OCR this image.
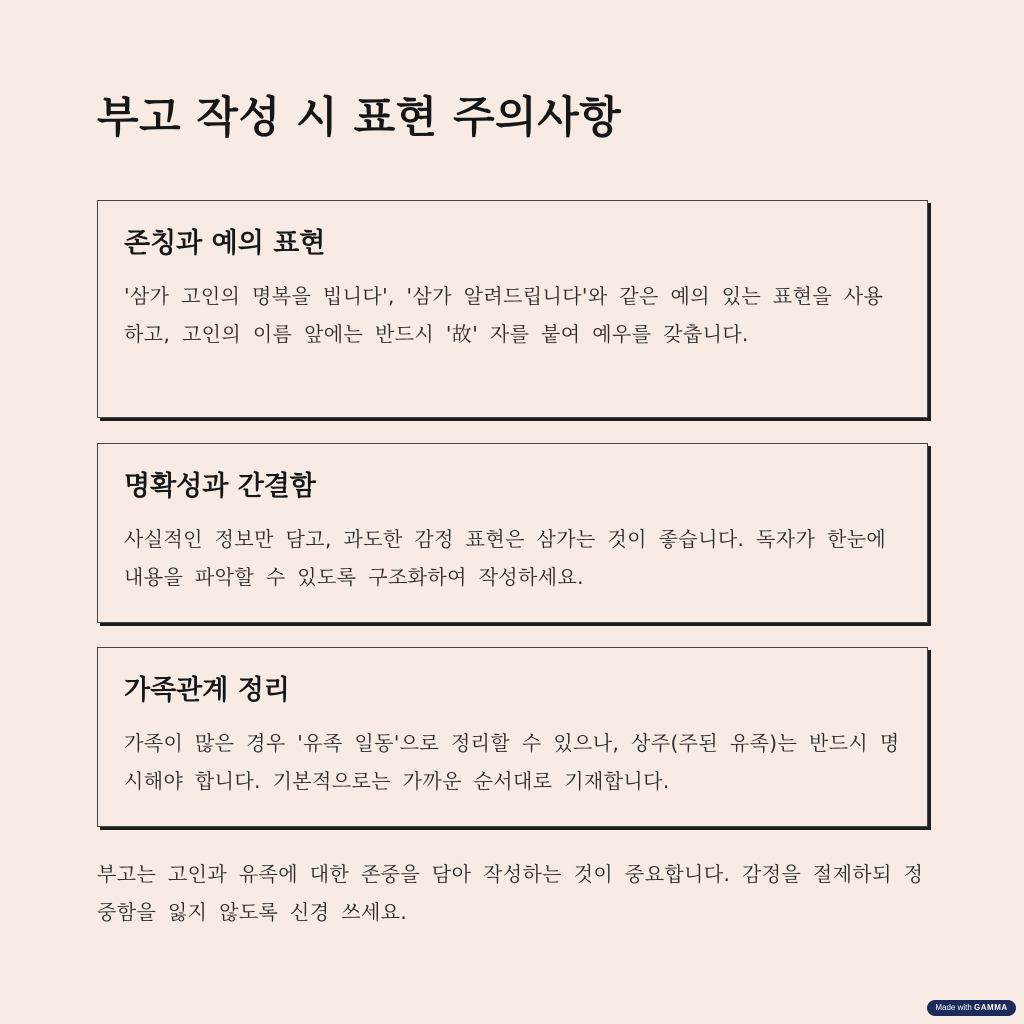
부고 작성 시 표현 주의사항
존칭과 예의 표현

'삼가 고인의 명복을 빕니다', '삼가 알려드립니다'와 같은 예의 있는 표현을 사용하고, 고인의 이름 앞에는 반드시 '故' 자를 붙여 예우를 갖춥니다.

명확성과 간결함

사실적인 정보만 담고, 과도한 감정 표현은 삼가는 것이 좋습니다. 독자가 한눈에 내용을 파악할 수 있도록 구조화하여 작성하세요.

가족관계 정리

가족이 많은 경우 '유족 일동'으로 정리할 수 있으나, 상주(주된 유족)는 반드시 명시해야 합니다. 기본적으로는 가까운 순서대로 기재합니다.

부고는 고인과 유족에 대한 존중을 담아 작성하는 것이 중요합니다. 감정을 절제하되 정중함을 잃지 않도록 신경 쓰세요.

Made with GAMMA
